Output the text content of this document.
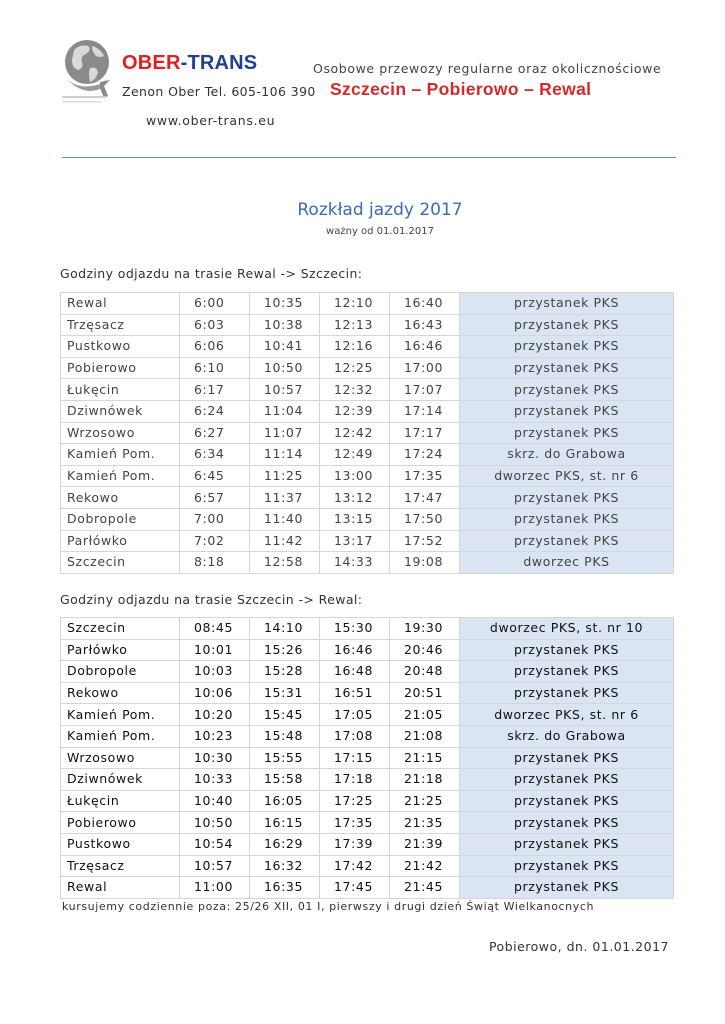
OBER-TRANS	Osobowe przewozy regularne oraz okolicznościowe
Zenon Ober Tel. 605-106 390 Szczecin – Pobierowo – Rewal
www.ober-trans.eu
Rozkład jazdy 2017
ważny od 01.01.2017
Godziny odjazdu na trasie Rewal -> Szczecin:
Rewal	6:00	10:35	12:10	16:40	przystanek PKS
Trzęsacz	6:03	10:38	12:13	16:43	przystanek PKS
Pustkowo	6:06	10:41	12:16	16:46	przystanek PKS
Pobierowo	6:10	10:50	12:25	17:00	przystanek PKS
Łukęcin	6:17	10:57	12:32	17:07	przystanek PKS
Dziwnówek	6:24	11:04	12:39	17:14	przystanek PKS
Wrzosowo	6:27	11:07	12:42	17:17	przystanek PKS
Kamień Pom.	6:34	11:14	12:49	17:24	skrz. do Grabowa
Kamień Pom.	6:45	11:25	13:00	17:35	dworzec PKS, st. nr 6
Rekowo	6:57	11:37	13:12	17:47	przystanek PKS
Dobropole	7:00	11:40	13:15	17:50	przystanek PKS
Parłówko	7:02	11:42	13:17	17:52	przystanek PKS
Szczecin	8:18	12:58	14:33	19:08	dworzec PKS
Godziny odjazdu na trasie Szczecin -> Rewal:
Szczecin	08:45	14:10	15:30	19:30	dworzec PKS, st. nr 10
Parłówko	10:01	15:26	16:46	20:46	przystanek PKS
Dobropole	10:03	15:28	16:48	20:48	przystanek PKS
Rekowo	10:06	15:31	16:51	20:51	przystanek PKS
Kamień Pom.	10:20	15:45	17:05	21:05	dworzec PKS, st. nr 6
Kamień Pom.	10:23	15:48	17:08	21:08	skrz. do Grabowa
Wrzosowo	10:30	15:55	17:15	21:15	przystanek PKS
Dziwnówek	10:33	15:58	17:18	21:18	przystanek PKS
Łukęcin	10:40	16:05	17:25	21:25	przystanek PKS
Pobierowo	10:50	16:15	17:35	21:35	przystanek PKS
Pustkowo	10:54	16:29	17:39	21:39	przystanek PKS
Trzęsacz	10:57	16:32	17:42	21:42	przystanek PKS
Rewal	11:00	16:35	17:45	21:45	przystanek PKS
kursujemy codziennie poza: 25/26 XII, 01 I, pierwszy i drugi dzień Świąt Wielkanocnych
Pobierowo, dn. 01.01.2017
